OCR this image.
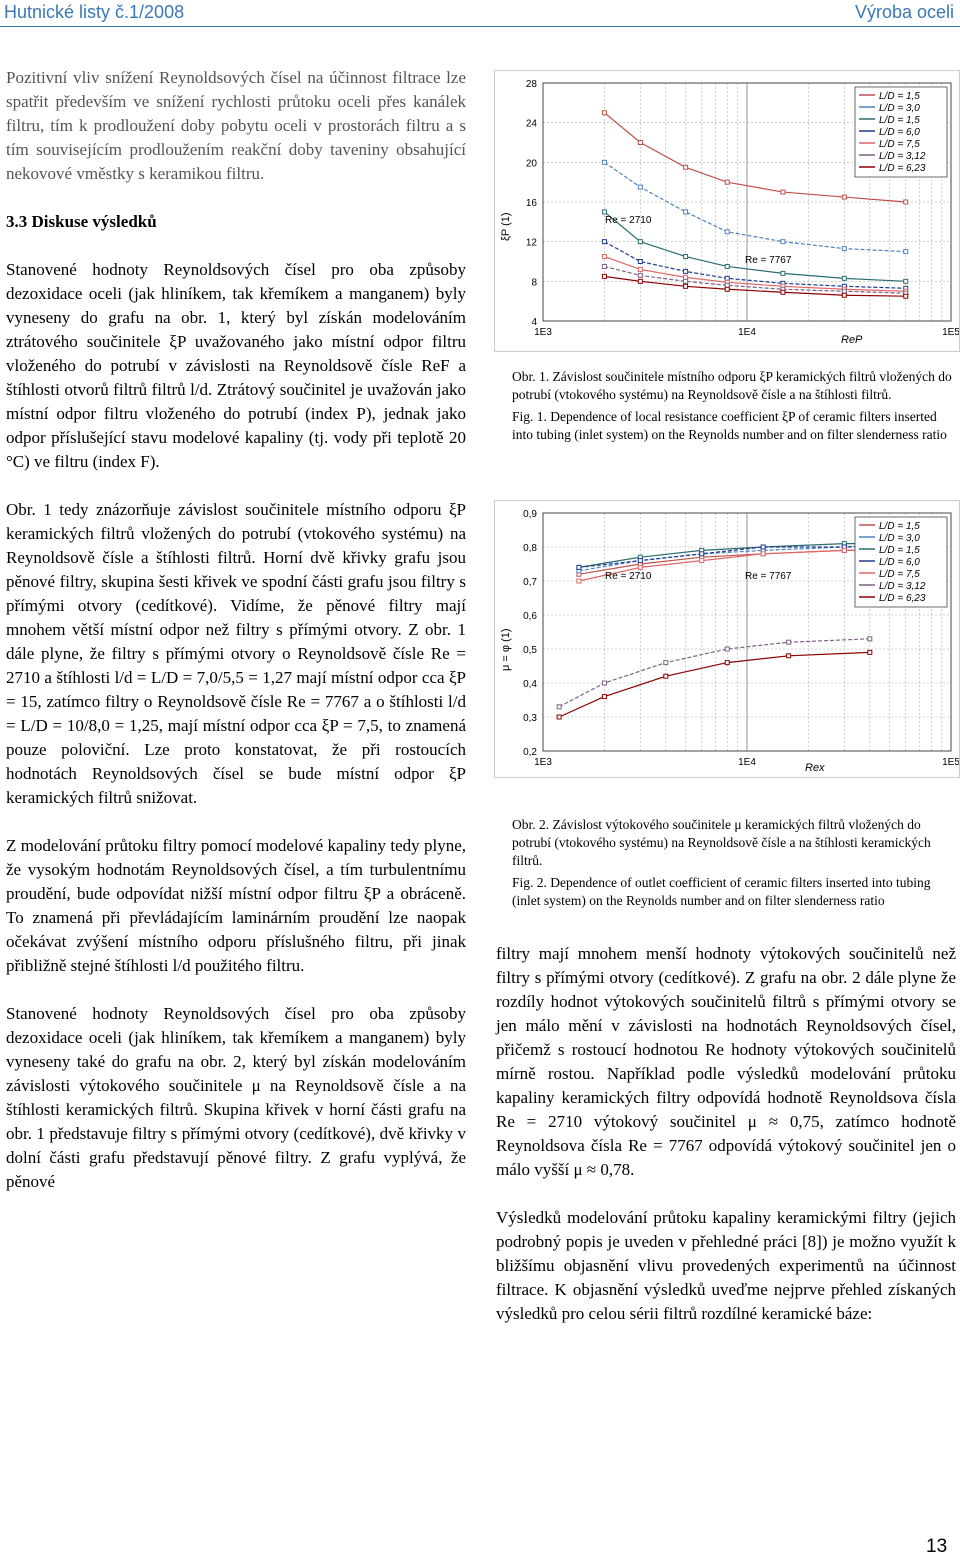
Hutnické listy č.1/2008	Výroba oceli

Pozitivní vliv snížení Reynoldsových čísel na účinnost filtrace lze spatřit především ve snížení rychlosti průtoku oceli přes kanálek filtru, tím k prodloužení doby pobytu oceli v prostorách filtru a s tím souvisejícím prodloužením reakční doby taveniny obsahující nekovové vměstky s keramikou filtru.

3.3 Diskuse výsledků

Stanovené hodnoty Reynoldsových čísel pro oba způsoby dezoxidace oceli (jak hliníkem, tak křemíkem a manganem) byly vyneseny do grafu na obr. 1, který byl získán modelováním ztrátového součinitele ξP uvažovaného jako místní odpor filtru vloženého do potrubí v závislosti na Reynoldsově čísle ReF a štíhlosti otvorů filtrů filtrů l/d. Ztrátový součinitel je uvažován jako místní odpor filtru vloženého do potrubí (index P), jednak jako odpor příslušející stavu modelové kapaliny (tj. vody při teplotě 20 °C) ve filtru (index F).

Obr. 1 tedy znázorňuje závislost součinitele místního odporu ξP keramických filtrů vložených do potrubí (vtokového systému) na Reynoldsově čísle a štíhlosti filtrů. Horní dvě křivky grafu jsou pěnové filtry, skupina šesti křivek ve spodní části grafu jsou filtry s přímými otvory (cedítkové). Vidíme, že pěnové filtry mají mnohem větší místní odpor než filtry s přímými otvory. Z obr. 1 dále plyne, že filtry s přímými otvory o Reynoldsově čísle Re = 2710 a štíhlosti l/d = L/D = 7,0/5,5 = 1,27 mají místní odpor cca ξP = 15, zatímco filtry o Reynoldsově čísle Re = 7767 a o štíhlosti l/d = L/D = 10/8,0 = 1,25, mají místní odpor cca ξP = 7,5, to znamená pouze poloviční. Lze proto konstatovat, že při rostoucích hodnotách Reynoldsových čísel se bude místní odpor ξP keramických filtrů snižovat.

Z modelování průtoku filtry pomocí modelové kapaliny tedy plyne, že vysokým hodnotám Reynoldsových čísel, a tím turbulentnímu proudění, bude odpovídat nižší místní odpor filtru ξP a obráceně. To znamená při převládajícím laminárním proudění lze naopak očekávat zvýšení místního odporu příslušného filtru, při jinak přibližně stejné štíhlosti l/d použitého filtru.

Stanovené hodnoty Reynoldsových čísel pro oba způsoby dezoxidace oceli (jak hliníkem, tak křemíkem a manganem) byly vyneseny také do grafu na obr. 2, který byl získán modelováním závislosti výtokového součinitele μ na Reynoldsově čísle a na štíhlosti keramických filtrů. Skupina křivek v horní části grafu na obr. 1 představuje filtry s přímými otvory (cedítkové), dvě křivky v dolní části grafu představují pěnové filtry. Z grafu vyplývá, že pěnové

4
8
12
16
20
24
28
1E3	1E4	1E5
L/D = 1,5
L/D = 3,0
L/D = 1,5
L/D = 6,0
L/D = 7,5
L/D = 3,12
L/D = 6,23
ξP (1)
ReP
Re = 2710
Re = 7767

Obr. 1. Závislost součinitele místního odporu ξP keramických filtrů vložených do potrubí (vtokového systému) na Reynoldsově čísle a na štíhlosti filtrů.

Fig. 1. Dependence of local resistance coefficient ξP of ceramic filters inserted into tubing (inlet system) on the Reynolds number and on filter slenderness ratio

0,2
0,3
0,4
0,5
0,6
0,7
0,8
0,9
1E3	1E4	1E5
L/D = 1,5
L/D = 3,0
L/D = 1,5
L/D = 6,0
L/D = 7,5
L/D = 3,12
L/D = 6,23
μ = φ (1)
Rex
Re = 2710	Re = 7767

Obr. 2. Závislost výtokového součinitele μ keramických filtrů vložených do potrubí (vtokového systému) na Reynoldsově čísle a na štíhlosti keramických filtrů.

Fig. 2. Dependence of outlet coefficient of ceramic filters inserted into tubing (inlet system) on the Reynolds number and on filter slenderness ratio

filtry mají mnohem menší hodnoty výtokových součinitelů než filtry s přímými otvory (cedítkové). Z grafu na obr. 2 dále plyne že rozdíly hodnot výtokových součinitelů filtrů s přímými otvory se jen málo mění v závislosti na hodnotách Reynoldsových čísel, přičemž s rostoucí hodnotou Re hodnoty výtokových součinitelů mírně rostou. Například podle výsledků modelování průtoku kapaliny keramických filtry odpovídá hodnotě Reynoldsova čísla Re = 2710 výtokový součinitel μ ≈ 0,75, zatímco hodnotě Reynoldsova čísla Re = 7767 odpovídá výtokový součinitel jen o málo vyšší μ ≈ 0,78.

Výsledků modelování průtoku kapaliny keramickými filtry (jejich podrobný popis je uveden v přehledné práci [8]) je možno využít k bližšímu objasnění vlivu provedených experimentů na účinnost filtrace. K objasnění výsledků uveďme nejprve přehled získaných výsledků pro celou sérii filtrů rozdílné keramické báze:

13
